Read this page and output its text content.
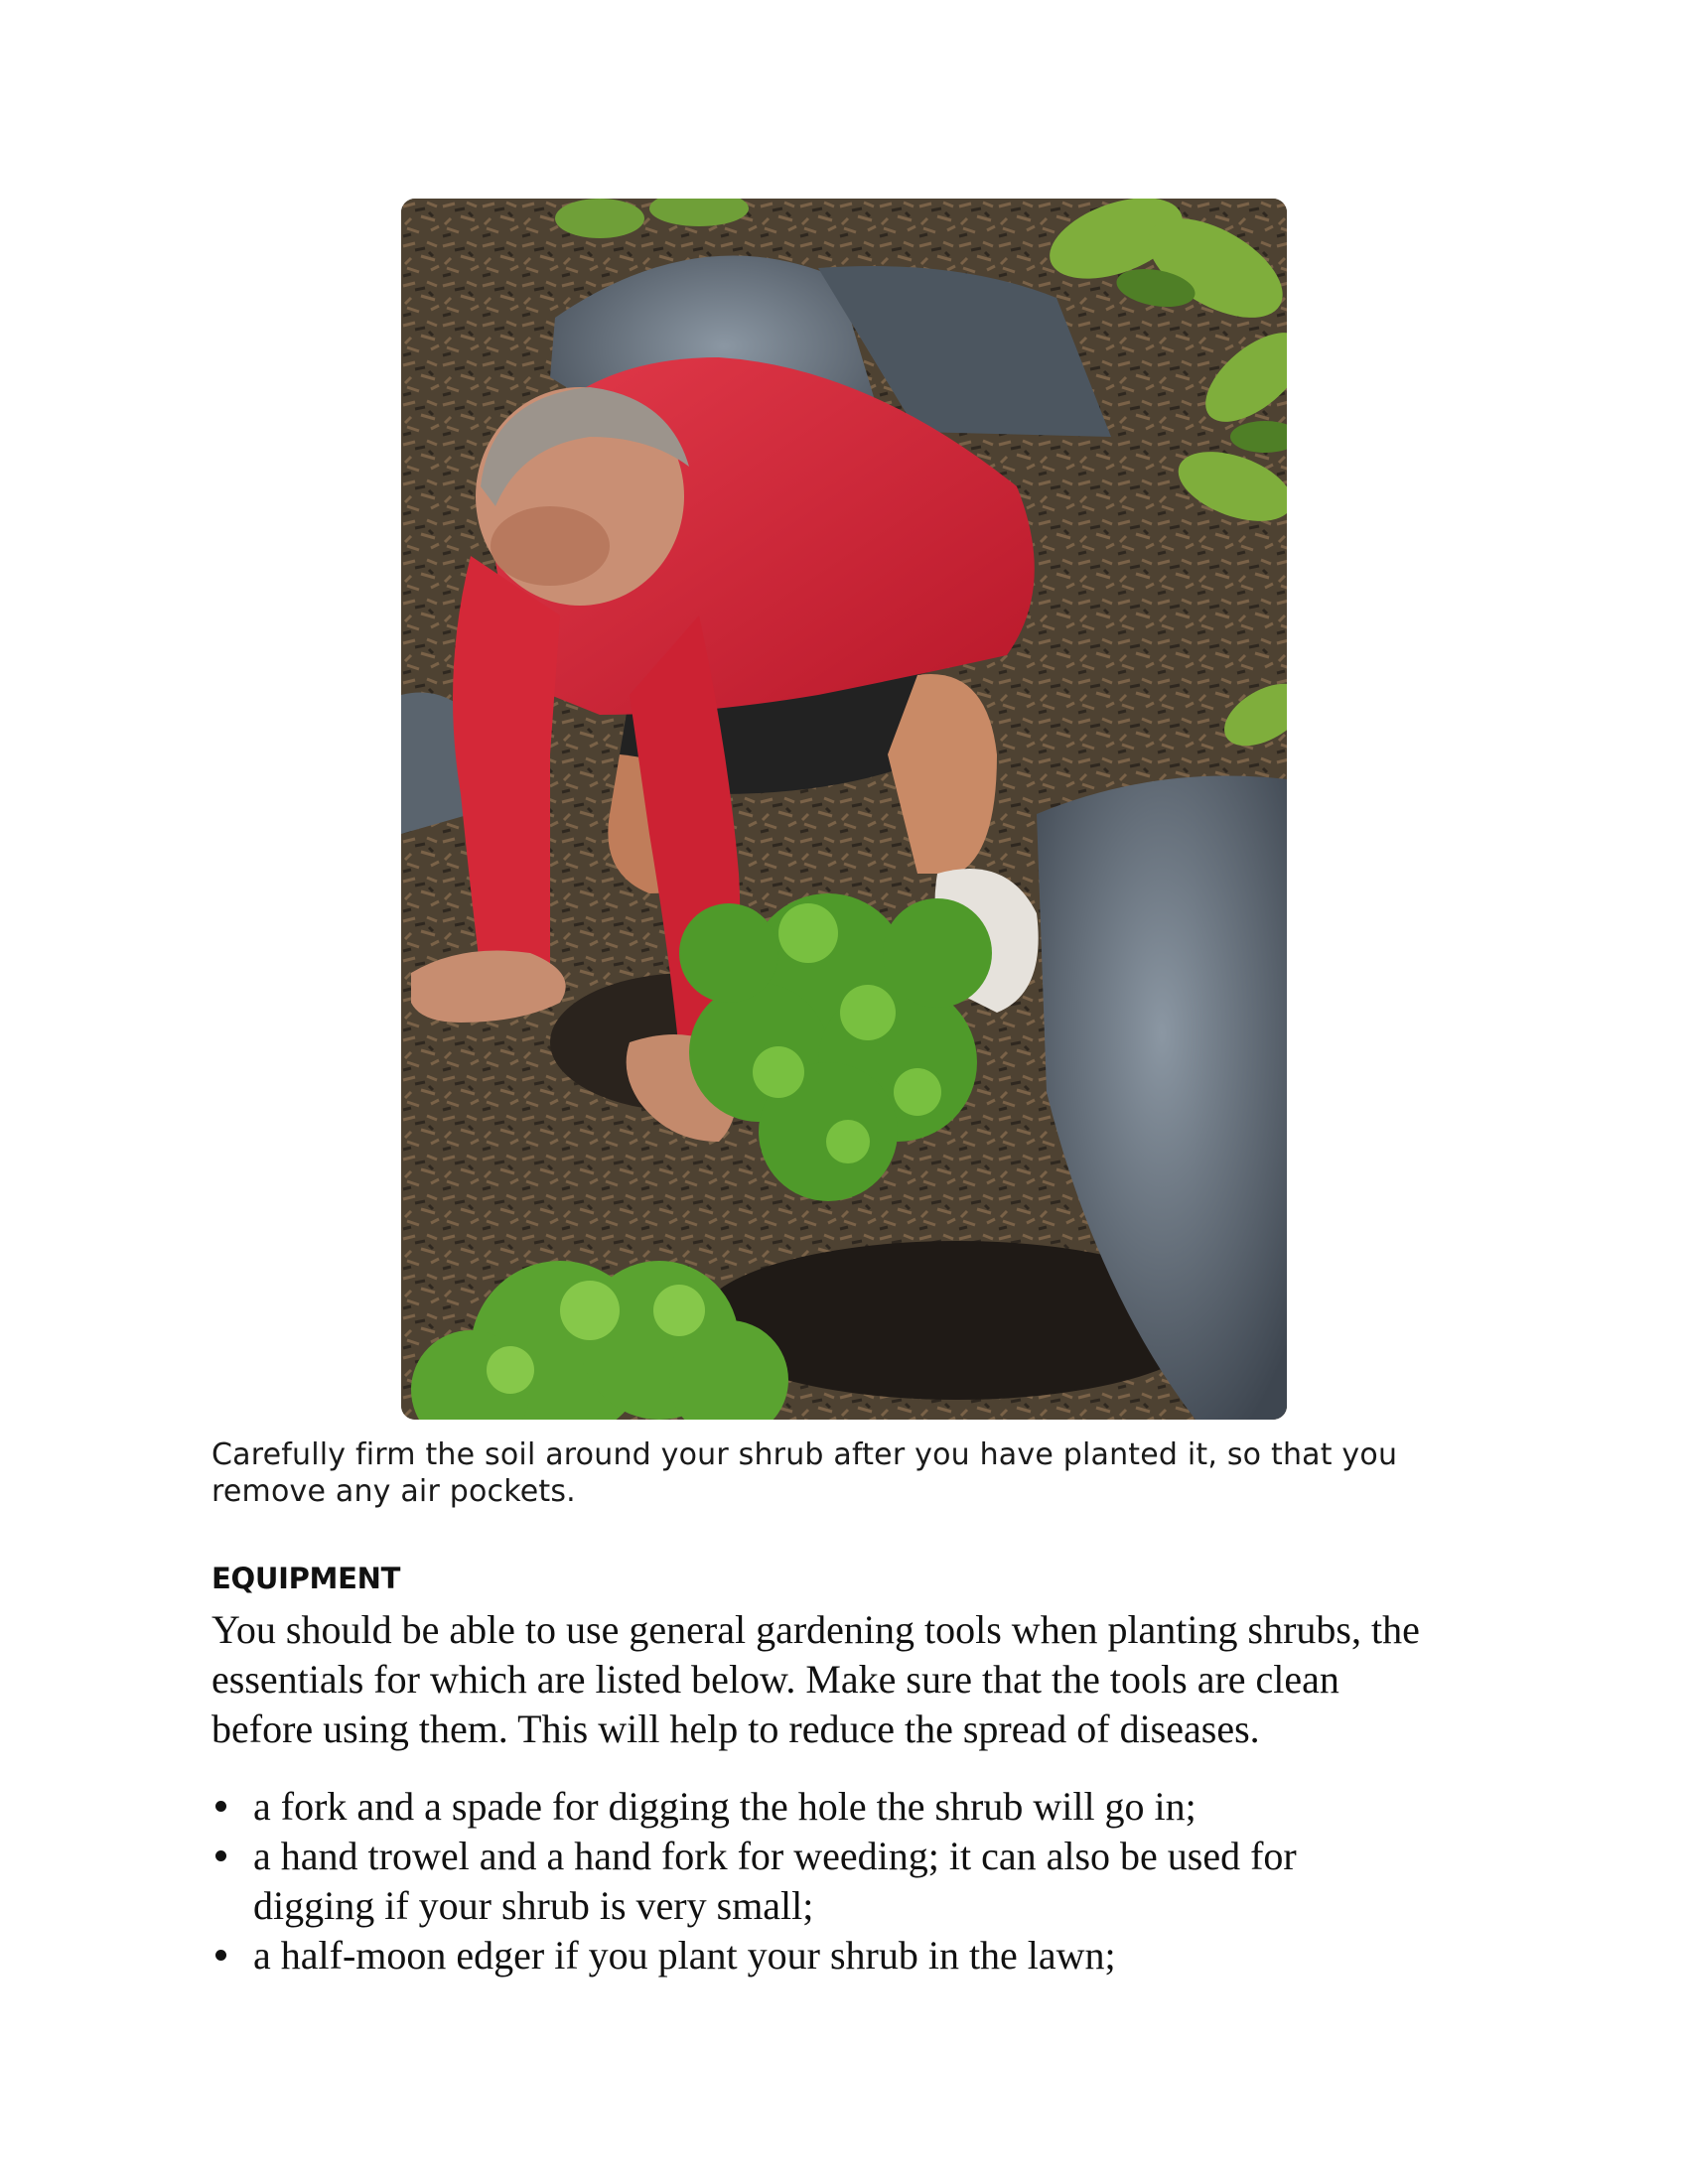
Carefully firm the soil around your shrub after you have planted it, so that you
remove any air pockets.
EQUIPMENT
You should be able to use general gardening tools when planting shrubs, the
essentials for which are listed below. Make sure that the tools are clean
before using them. This will help to reduce the spread of diseases.
a fork and a spade for digging the hole the shrub will go in;
a hand trowel and a hand fork for weeding; it can also be used for
digging if your shrub is very small;
a half-moon edger if you plant your shrub in the lawn;
